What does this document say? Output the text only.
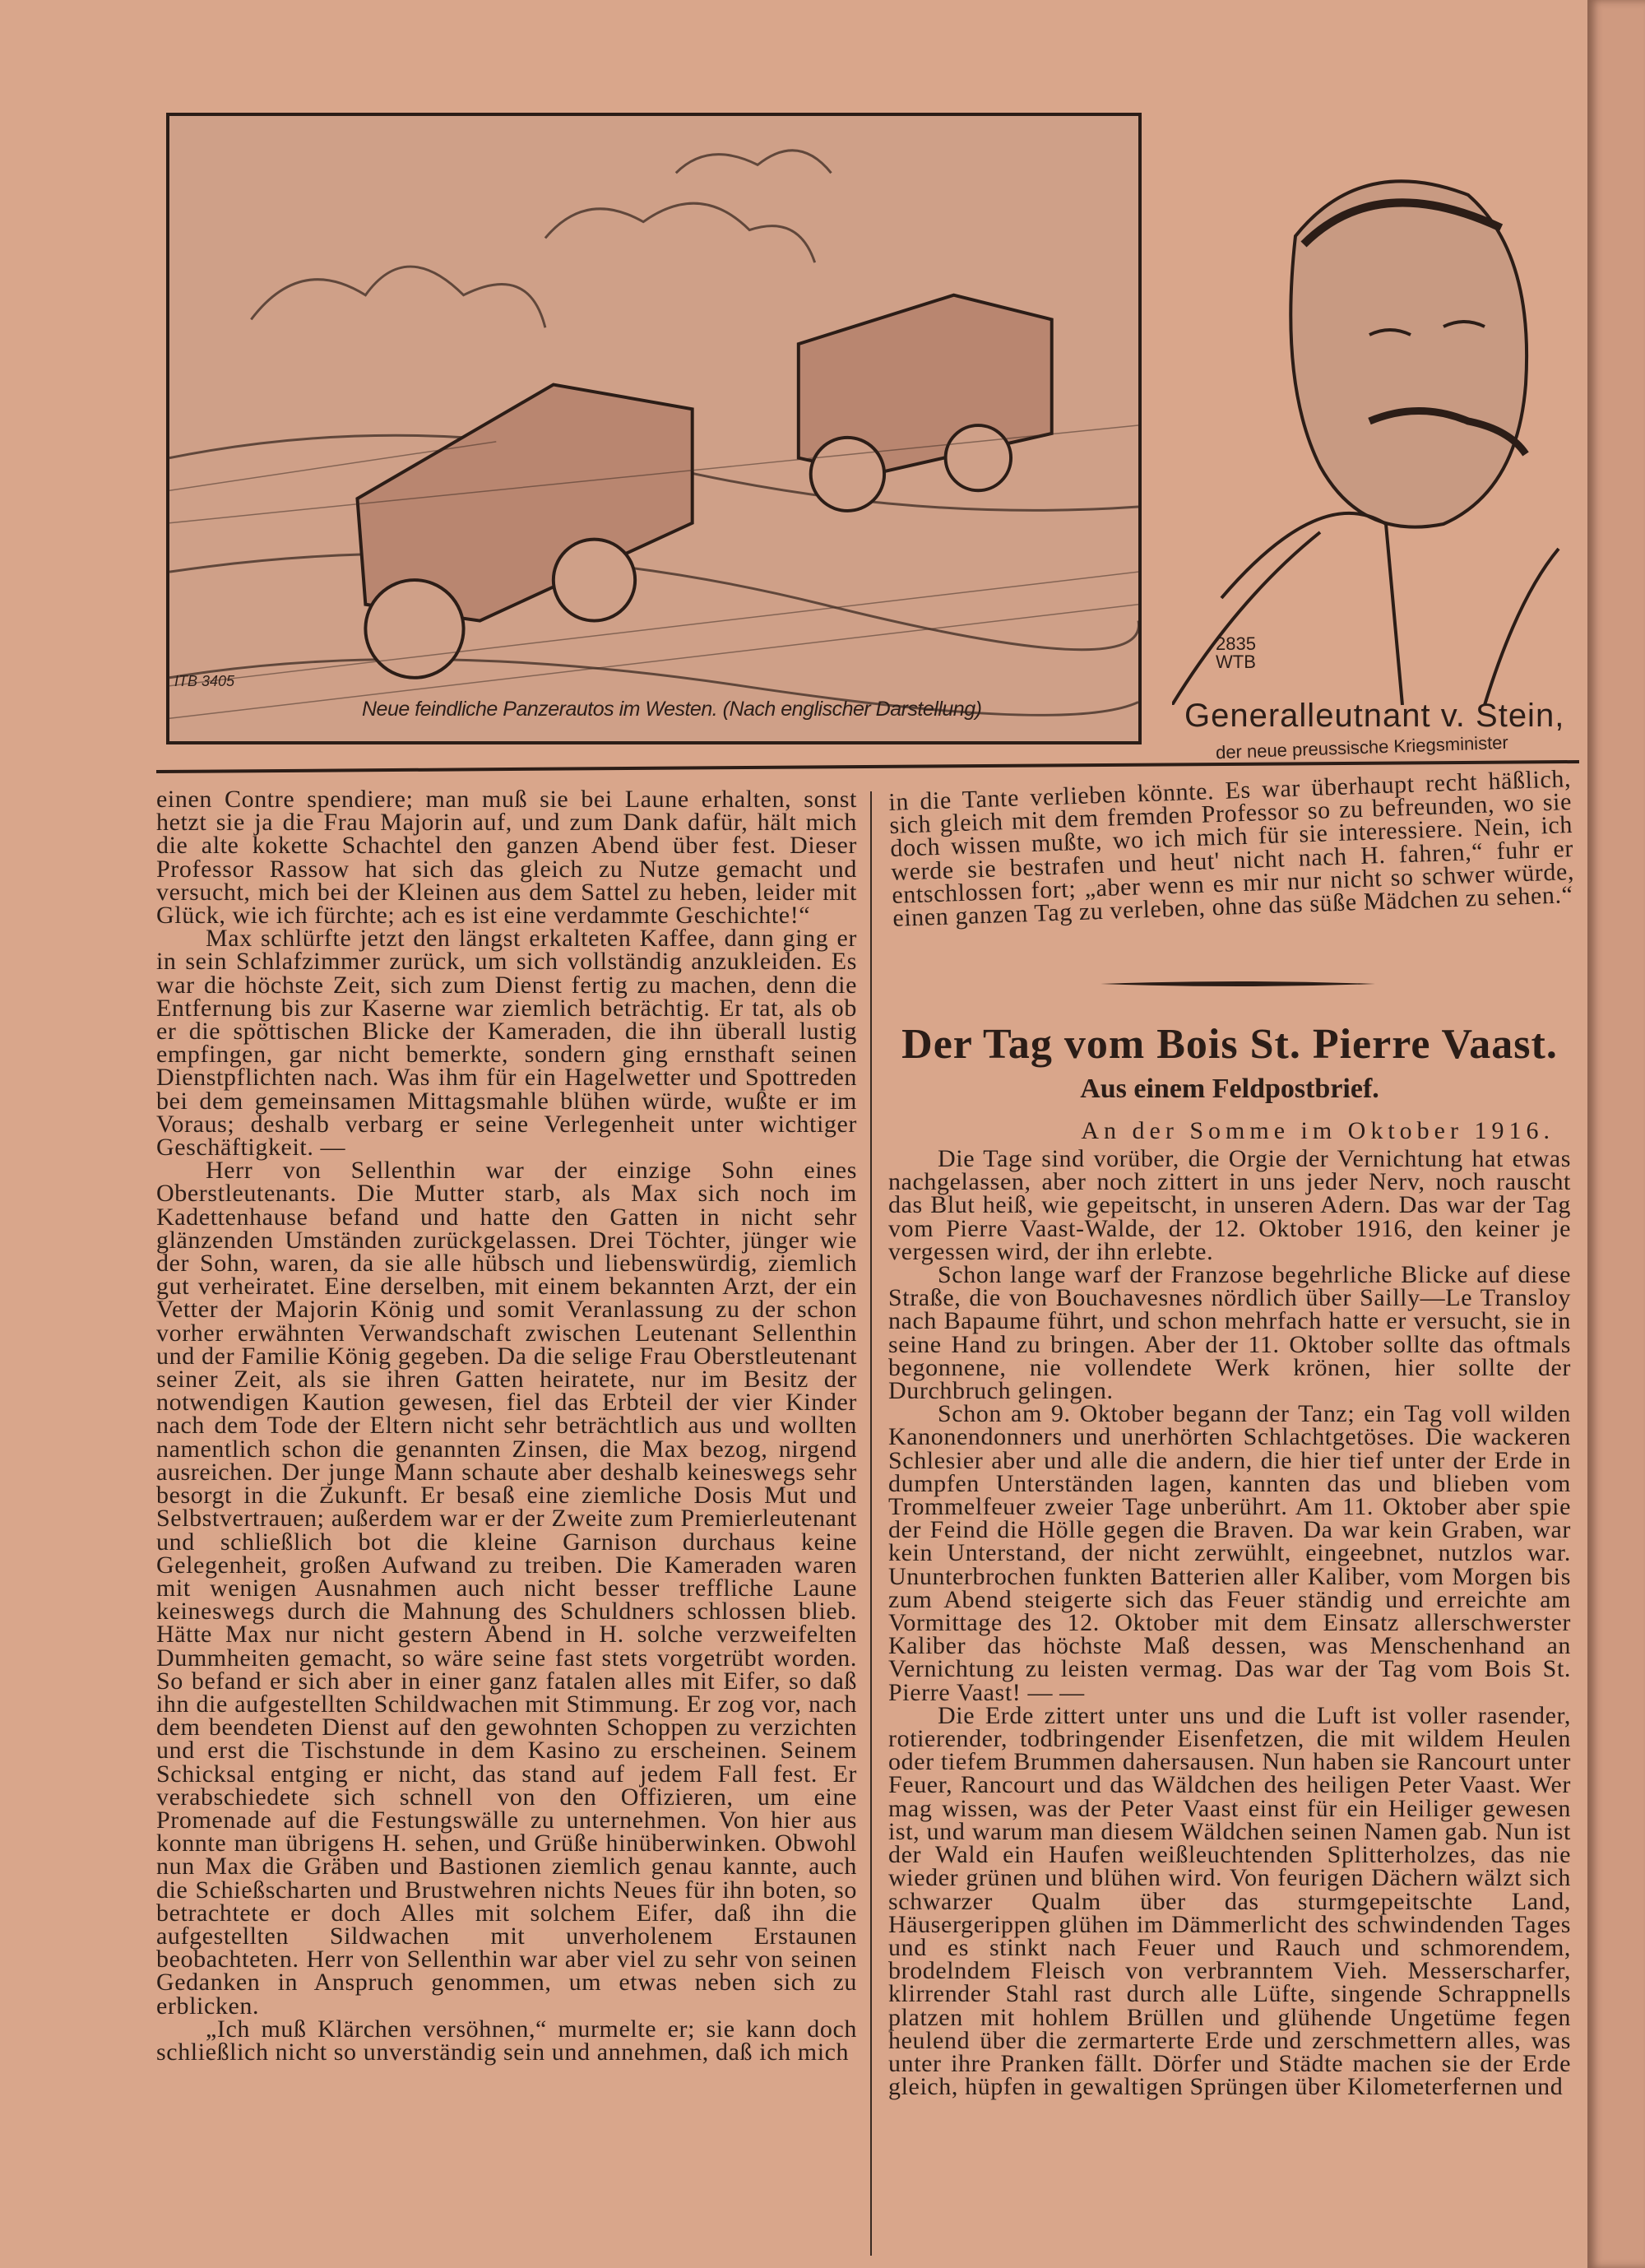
ITB 3405
Neue feindliche Panzerautos im Westen. (Nach englischer Darstellung)
2835
WTB
Generalleutnant v. Stein,
der neue preussische Kriegsminister

einen Contre spendiere; man muß sie bei Laune erhalten, sonst hetzt sie ja die Frau Majorin auf, und zum Dank dafür, hält mich die alte kokette Schachtel den ganzen Abend über fest. Dieser Professor Rassow hat sich das gleich zu Nutze gemacht und versucht, mich bei der Kleinen aus dem Sattel zu heben, leider mit Glück, wie ich fürchte; ach es ist eine verdammte Geschichte!“

Max schlürfte jetzt den längst erkalteten Kaffee, dann ging er in sein Schlafzimmer zurück, um sich vollständig anzukleiden. Es war die höchste Zeit, sich zum Dienst fertig zu machen, denn die Entfernung bis zur Kaserne war ziemlich beträchtig. Er tat, als ob er die spöttischen Blicke der Kameraden, die ihn überall lustig empfingen, gar nicht bemerkte, sondern ging ernsthaft seinen Dienstpflichten nach. Was ihm für ein Hagelwetter und Spottreden bei dem gemeinsamen Mittagsmahle blühen würde, wußte er im Voraus; deshalb verbarg er seine Verlegenheit unter wichtiger Geschäftigkeit. —

Herr von Sellenthin war der einzige Sohn eines Oberstleutenants. Die Mutter starb, als Max sich noch im Kadettenhause befand und hatte den Gatten in nicht sehr glänzenden Umständen zurückgelassen. Drei Töchter, jünger wie der Sohn, waren, da sie alle hübsch und liebenswürdig, ziemlich gut verheiratet. Eine derselben, mit einem bekannten Arzt, der ein Vetter der Majorin König und somit Veranlassung zu der schon vorher erwähnten Verwandschaft zwischen Leutenant Sellenthin und der Familie König gegeben. Da die selige Frau Oberstleutenant seiner Zeit, als sie ihren Gatten heiratete, nur im Besitz der notwendigen Kaution gewesen, fiel das Erbteil der vier Kinder nach dem Tode der Eltern nicht sehr beträchtlich aus und wollten namentlich schon die genannten Zinsen, die Max bezog, nirgend ausreichen. Der junge Mann schaute aber deshalb keineswegs sehr besorgt in die Zukunft. Er besaß eine ziemliche Dosis Mut und Selbstvertrauen; außerdem war er der Zweite zum Premierleutenant und schließlich bot die kleine Garnison durchaus keine Gelegenheit, großen Aufwand zu treiben. Die Kameraden waren mit wenigen Ausnahmen auch nicht besser treffliche Laune keineswegs durch die Mahnung des Schuldners schlossen blieb. Hätte Max nur nicht gestern Abend in H. solche verzweifelten Dummheiten gemacht, so wäre seine fast stets vorgetrübt worden. So befand er sich aber in einer ganz fatalen alles mit Eifer, so daß ihn die aufgestellten Schildwachen mit Stimmung. Er zog vor, nach dem beendeten Dienst auf den gewohnten Schoppen zu verzichten und erst die Tischstunde in dem Kasino zu erscheinen. Seinem Schicksal entging er nicht, das stand auf jedem Fall fest. Er verabschiedete sich schnell von den Offizieren, um eine Promenade auf die Festungswälle zu unternehmen. Von hier aus konnte man übrigens H. sehen, und Grüße hinüberwinken. Obwohl nun Max die Gräben und Bastionen ziemlich genau kannte, auch die Schießscharten und Brustwehren nichts Neues für ihn boten, so betrachtete er doch Alles mit solchem Eifer, daß ihn die aufgestellten Sildwachen mit unverholenem Erstaunen beobachteten. Herr von Sellenthin war aber viel zu sehr von seinen Gedanken in Anspruch genommen, um etwas neben sich zu erblicken.

„Ich muß Klärchen versöhnen,“ murmelte er; sie kann doch schließlich nicht so unverständig sein und annehmen, daß ich mich

in die Tante verlieben könnte. Es war überhaupt recht häßlich, sich gleich mit dem fremden Professor so zu befreunden, wo sie doch wissen mußte, wo ich mich für sie interessiere. Nein, ich werde sie bestrafen und heut' nicht nach H. fahren,“ fuhr er entschlossen fort; „aber wenn es mir nur nicht so schwer würde, einen ganzen Tag zu verleben, ohne das süße Mädchen zu sehen.“

Der Tag vom Bois St. Pierre Vaast.
Aus einem Feldpostbrief.
An der Somme im Oktober 1916.

Die Tage sind vorüber, die Orgie der Vernichtung hat etwas nachgelassen, aber noch zittert in uns jeder Nerv, noch rauscht das Blut heiß, wie gepeitscht, in unseren Adern. Das war der Tag vom Pierre Vaast-Walde, der 12. Oktober 1916, den keiner je vergessen wird, der ihn erlebte.

Schon lange warf der Franzose begehrliche Blicke auf diese Straße, die von Bouchavesnes nördlich über Sailly—Le Transloy nach Bapaume führt, und schon mehrfach hatte er versucht, sie in seine Hand zu bringen. Aber der 11. Oktober sollte das oftmals begonnene, nie vollendete Werk krönen, hier sollte der Durchbruch gelingen.

Schon am 9. Oktober begann der Tanz; ein Tag voll wilden Kanonendonners und unerhörten Schlachtgetöses. Die wackeren Schlesier aber und alle die andern, die hier tief unter der Erde in dumpfen Unterständen lagen, kannten das und blieben vom Trommelfeuer zweier Tage unberührt. Am 11. Oktober aber spie der Feind die Hölle gegen die Braven. Da war kein Graben, war kein Unterstand, der nicht zerwühlt, eingeebnet, nutzlos war. Ununterbrochen funkten Batterien aller Kaliber, vom Morgen bis zum Abend steigerte sich das Feuer ständig und erreichte am Vormittage des 12. Oktober mit dem Einsatz allerschwerster Kaliber das höchste Maß dessen, was Menschenhand an Vernichtung zu leisten vermag. Das war der Tag vom Bois St. Pierre Vaast! — —

Die Erde zittert unter uns und die Luft ist voller rasender, rotierender, todbringender Eisenfetzen, die mit wildem Heulen oder tiefem Brummen dahersausen. Nun haben sie Rancourt unter Feuer, Rancourt und das Wäldchen des heiligen Peter Vaast. Wer mag wissen, was der Peter Vaast einst für ein Heiliger gewesen ist, und warum man diesem Wäldchen seinen Namen gab. Nun ist der Wald ein Haufen weißleuchtenden Splitterholzes, das nie wieder grünen und blühen wird. Von feurigen Dächern wälzt sich schwarzer Qualm über das sturmgepeitschte Land, Häusergerippen glühen im Dämmerlicht des schwindenden Tages und es stinkt nach Feuer und Rauch und schmorendem, brodelndem Fleisch von verbranntem Vieh. Messerscharfer, klirrender Stahl rast durch alle Lüfte, singende Schrappnells platzen mit hohlem Brüllen und glühende Ungetüme fegen heulend über die zermarterte Erde und zerschmettern alles, was unter ihre Pranken fällt. Dörfer und Städte machen sie der Erde gleich, hüpfen in gewaltigen Sprüngen über Kilometerfernen und
